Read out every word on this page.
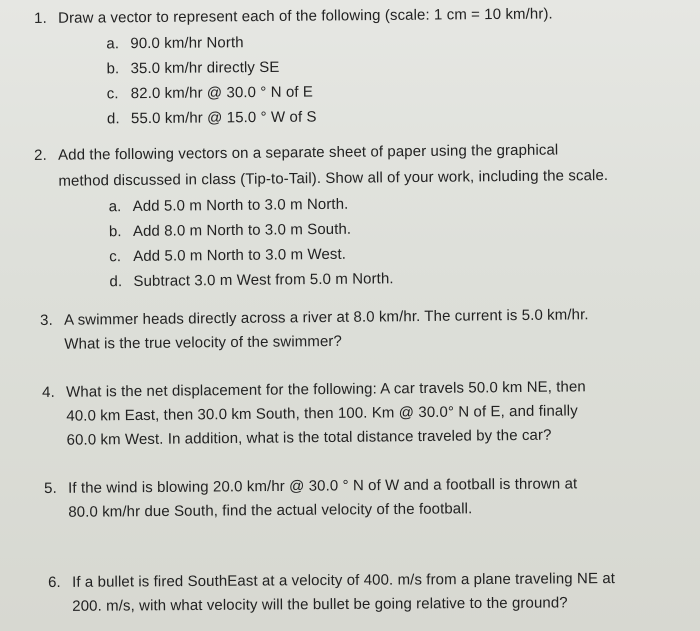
1. Draw a vector to represent each of the following (scale: 1 cm = 10 km/hr).
a. 90.0 km/hr North
b. 35.0 km/hr directly SE
c. 82.0 km/hr @ 30.0 ° N of E
d. 55.0 km/hr @ 15.0 ° W of S
2. Add the following vectors on a separate sheet of paper using the graphical
method discussed in class (Tip-to-Tail). Show all of your work, including the scale.
a. Add 5.0 m North to 3.0 m North.
b. Add 8.0 m North to 3.0 m South.
c. Add 5.0 m North to 3.0 m West.
d. Subtract 3.0 m West from 5.0 m North.
3. A swimmer heads directly across a river at 8.0 km/hr. The current is 5.0 km/hr.
What is the true velocity of the swimmer?
4. What is the net displacement for the following: A car travels 50.0 km NE, then
40.0 km East, then 30.0 km South, then 100. Km @ 30.0° N of E, and finally
60.0 km West. In addition, what is the total distance traveled by the car?
5. If the wind is blowing 20.0 km/hr @ 30.0 ° N of W and a football is thrown at
80.0 km/hr due South, find the actual velocity of the football.
6. If a bullet is fired SouthEast at a velocity of 400. m/s from a plane traveling NE at
200. m/s, with what velocity will the bullet be going relative to the ground?
